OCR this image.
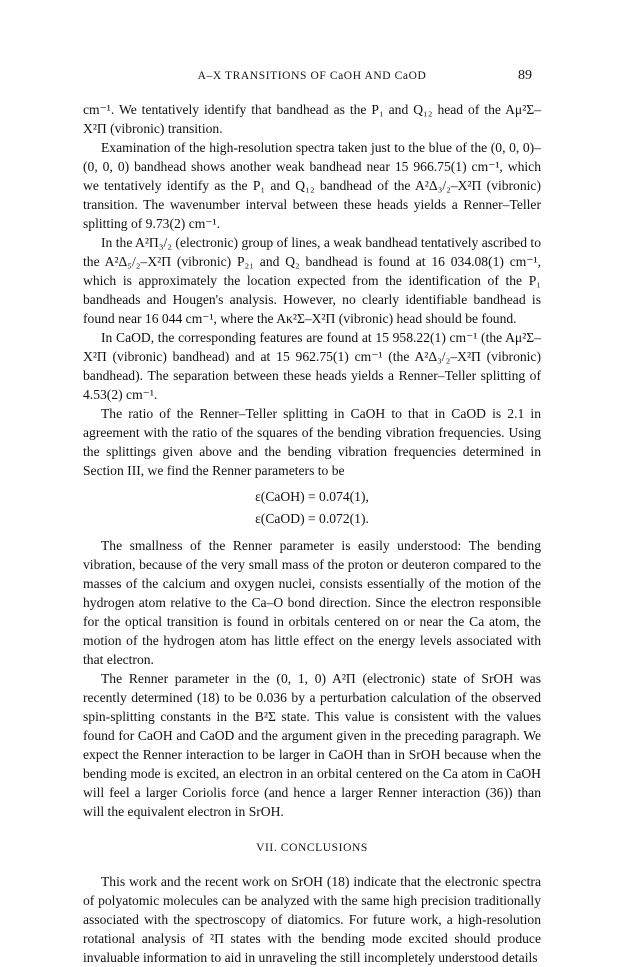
A–X TRANSITIONS OF CaOH AND CaOD	89

cm⁻¹. We tentatively identify that bandhead as the P₁ and Q₁₂ head of the Aμ²Σ–X²Π (vibronic) transition.

Examination of the high-resolution spectra taken just to the blue of the (0, 0, 0)–(0, 0, 0) bandhead shows another weak bandhead near 15 966.75(1) cm⁻¹, which we tentatively identify as the P₁ and Q₁₂ bandhead of the A²Δ₃/₂–X²Π (vibronic) transition. The wavenumber interval between these heads yields a Renner–Teller splitting of 9.73(2) cm⁻¹.

In the A²Π₃/₂ (electronic) group of lines, a weak bandhead tentatively ascribed to the A²Δ₅/₂–X²Π (vibronic) P₂₁ and Q₂ bandhead is found at 16 034.08(1) cm⁻¹, which is approximately the location expected from the identification of the P₁ bandheads and Hougen's analysis. However, no clearly identifiable bandhead is found near 16 044 cm⁻¹, where the Aκ²Σ–X²Π (vibronic) head should be found.

In CaOD, the corresponding features are found at 15 958.22(1) cm⁻¹ (the Aμ²Σ–X²Π (vibronic) bandhead) and at 15 962.75(1) cm⁻¹ (the A²Δ₃/₂–X²Π (vibronic) bandhead). The separation between these heads yields a Renner–Teller splitting of 4.53(2) cm⁻¹.

The ratio of the Renner–Teller splitting in CaOH to that in CaOD is 2.1 in agreement with the ratio of the squares of the bending vibration frequencies. Using the splittings given above and the bending vibration frequencies determined in Section III, we find the Renner parameters to be

ε(CaOH) = 0.074(1),
ε(CaOD) = 0.072(1).

The smallness of the Renner parameter is easily understood: The bending vibration, because of the very small mass of the proton or deuteron compared to the masses of the calcium and oxygen nuclei, consists essentially of the motion of the hydrogen atom relative to the Ca–O bond direction. Since the electron responsible for the optical transition is found in orbitals centered on or near the Ca atom, the motion of the hydrogen atom has little effect on the energy levels associated with that electron.

The Renner parameter in the (0, 1, 0) A²Π (electronic) state of SrOH was recently determined (18) to be 0.036 by a perturbation calculation of the observed spin-splitting constants in the B²Σ state. This value is consistent with the values found for CaOH and CaOD and the argument given in the preceding paragraph. We expect the Renner interaction to be larger in CaOH than in SrOH because when the bending mode is excited, an electron in an orbital centered on the Ca atom in CaOH will feel a larger Coriolis force (and hence a larger Renner interaction (36)) than will the equivalent electron in SrOH.

VII. CONCLUSIONS

This work and the recent work on SrOH (18) indicate that the electronic spectra of polyatomic molecules can be analyzed with the same high precision traditionally associated with the spectroscopy of diatomics. For future work, a high-resolution rotational analysis of ²Π states with the bending mode excited should produce invaluable information to aid in unraveling the still incompletely understood details
